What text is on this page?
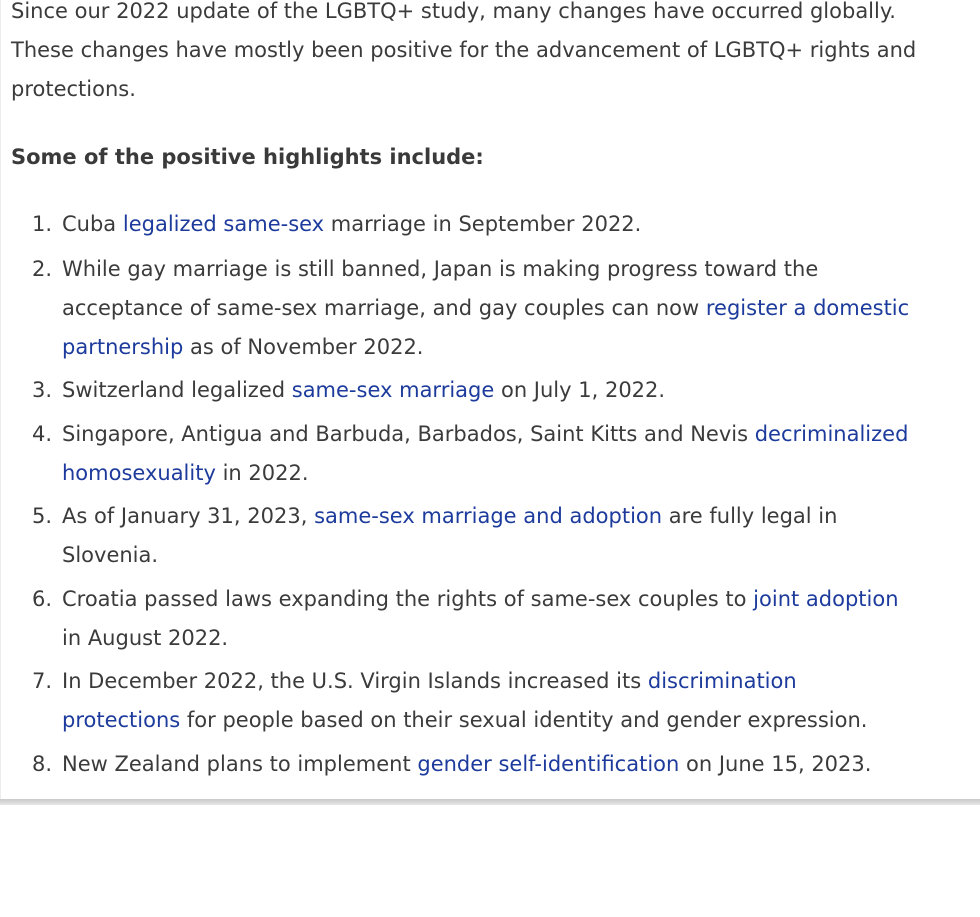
Since our 2022 update of the LGBTQ+ study, many changes have occurred globally.
These changes have mostly been positive for the advancement of LGBTQ+ rights and
protections.

Some of the positive highlights include:

1. Cuba legalized same-sex marriage in September 2022.
2. While gay marriage is still banned, Japan is making progress toward the
acceptance of same-sex marriage, and gay couples can now register a domestic
partnership as of November 2022.
3. Switzerland legalized same-sex marriage on July 1, 2022.
4. Singapore, Antigua and Barbuda, Barbados, Saint Kitts and Nevis decriminalized
homosexuality in 2022.
5. As of January 31, 2023, same-sex marriage and adoption are fully legal in
Slovenia.
6. Croatia passed laws expanding the rights of same-sex couples to joint adoption
in August 2022.
7. In December 2022, the U.S. Virgin Islands increased its discrimination
protections for people based on their sexual identity and gender expression.
8. New Zealand plans to implement gender self-identification on June 15, 2023.
